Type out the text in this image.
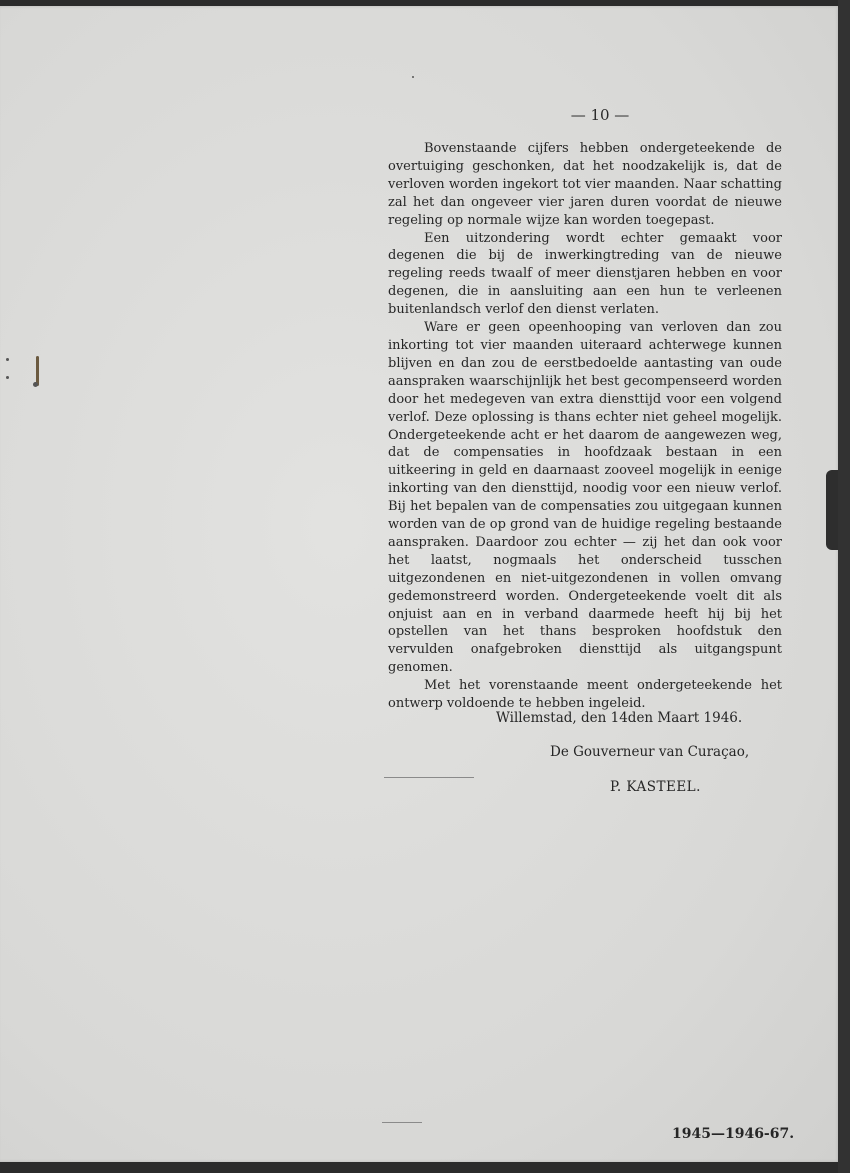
— 10 —

Bovenstaande cijfers hebben ondergeteekende de overtuiging geschonken, dat het noodzakelijk is, dat de verloven worden ingekort tot vier maanden. Naar schatting zal het dan ongeveer vier jaren duren voordat de nieuwe regeling op normale wijze kan worden toegepast.

Een uitzondering wordt echter gemaakt voor degenen die bij de inwerkingtreding van de nieuwe regeling reeds twaalf of meer dienstjaren hebben en voor degenen, die in aansluiting aan een hun te verleenen buitenlandsch verlof den dienst verlaten.

Ware er geen opeenhooping van verloven dan zou inkorting tot vier maanden uiteraard achterwege kunnen blijven en dan zou de eerstbedoelde aantasting van oude aanspraken waarschijnlijk het best gecompenseerd worden door het medegeven van extra diensttijd voor een volgend verlof. Deze oplossing is thans echter niet geheel mogelijk. Ondergeteekende acht er het daarom de aangewezen weg, dat de compensaties in hoofdzaak bestaan in een uitkeering in geld en daarnaast zooveel mogelijk in eenige inkorting van den diensttijd, noodig voor een nieuw verlof. Bij het bepalen van de compensaties zou uitgegaan kunnen worden van de op grond van de huidige regeling bestaande aanspraken. Daardoor zou echter — zij het dan ook voor het laatst, nogmaals het onderscheid tusschen uitgezondenen en niet-uitgezondenen in vollen omvang gedemonstreerd worden. Ondergeteekende voelt dit als onjuist aan en in verband daarmede heeft hij bij het opstellen van het thans besproken hoofdstuk den vervulden onafgebroken diensttijd als uitgangspunt genomen.

Met het vorenstaande meent ondergeteekende het ontwerp voldoende te hebben ingeleid.

Willemstad, den 14den Maart 1946.
De Gouverneur van Curaçao,
P. KASTEEL.
1945—1946-67.
